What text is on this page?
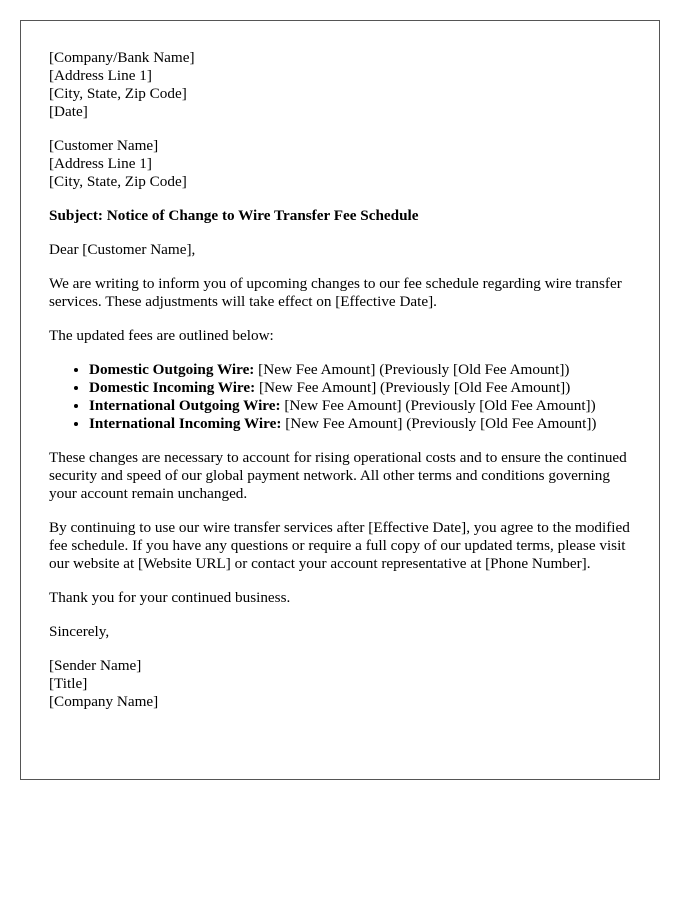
[Company/Bank Name]
[Address Line 1]
[City, State, Zip Code]
[Date]
[Customer Name]
[Address Line 1]
[City, State, Zip Code]

Subject: Notice of Change to Wire Transfer Fee Schedule

Dear [Customer Name],

We are writing to inform you of upcoming changes to our fee schedule regarding wire transfer services. These adjustments will take effect on [Effective Date].

The updated fees are outlined below:

• Domestic Outgoing Wire: [New Fee Amount] (Previously [Old Fee Amount])
• Domestic Incoming Wire: [New Fee Amount] (Previously [Old Fee Amount])
• International Outgoing Wire: [New Fee Amount] (Previously [Old Fee Amount])
• International Incoming Wire: [New Fee Amount] (Previously [Old Fee Amount])

These changes are necessary to account for rising operational costs and to ensure the continued security and speed of our global payment network. All other terms and conditions governing your account remain unchanged.

By continuing to use our wire transfer services after [Effective Date], you agree to the modified fee schedule. If you have any questions or require a full copy of our updated terms, please visit our website at [Website URL] or contact your account representative at [Phone Number].

Thank you for your continued business.

Sincerely,

[Sender Name]
[Title]
[Company Name]
